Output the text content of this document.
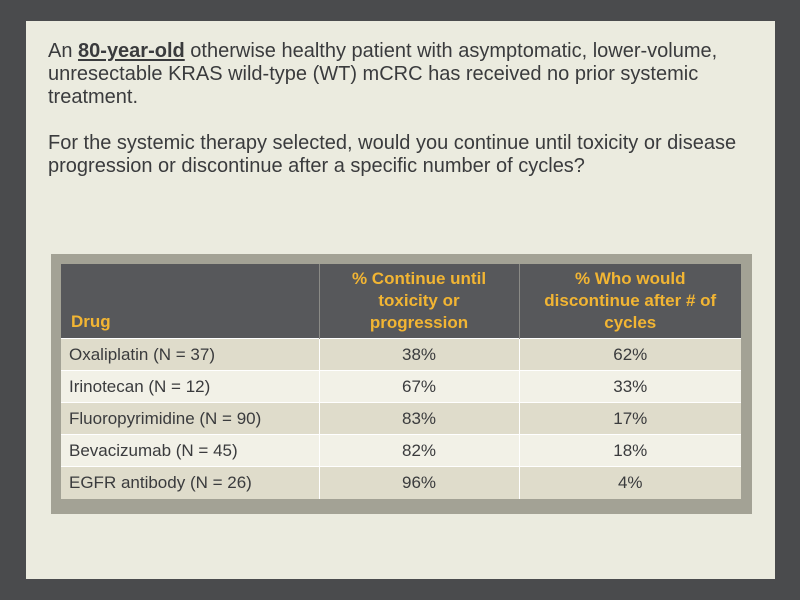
An 80-year-old otherwise healthy patient with asymptomatic, lower-volume, unresectable KRAS wild-type (WT) mCRC has received no prior systemic treatment.

For the systemic therapy selected, would you continue until toxicity or disease progression or discontinue after a specific number of cycles?

Drug	% Continue until toxicity or progression	% Who would discontinue after # of cycles
Oxaliplatin (N = 37)	38%	62%
Irinotecan (N = 12)	67%	33%
Fluoropyrimidine (N = 90)	83%	17%
Bevacizumab (N = 45)	82%	18%
EGFR antibody (N = 26)	96%	4%
